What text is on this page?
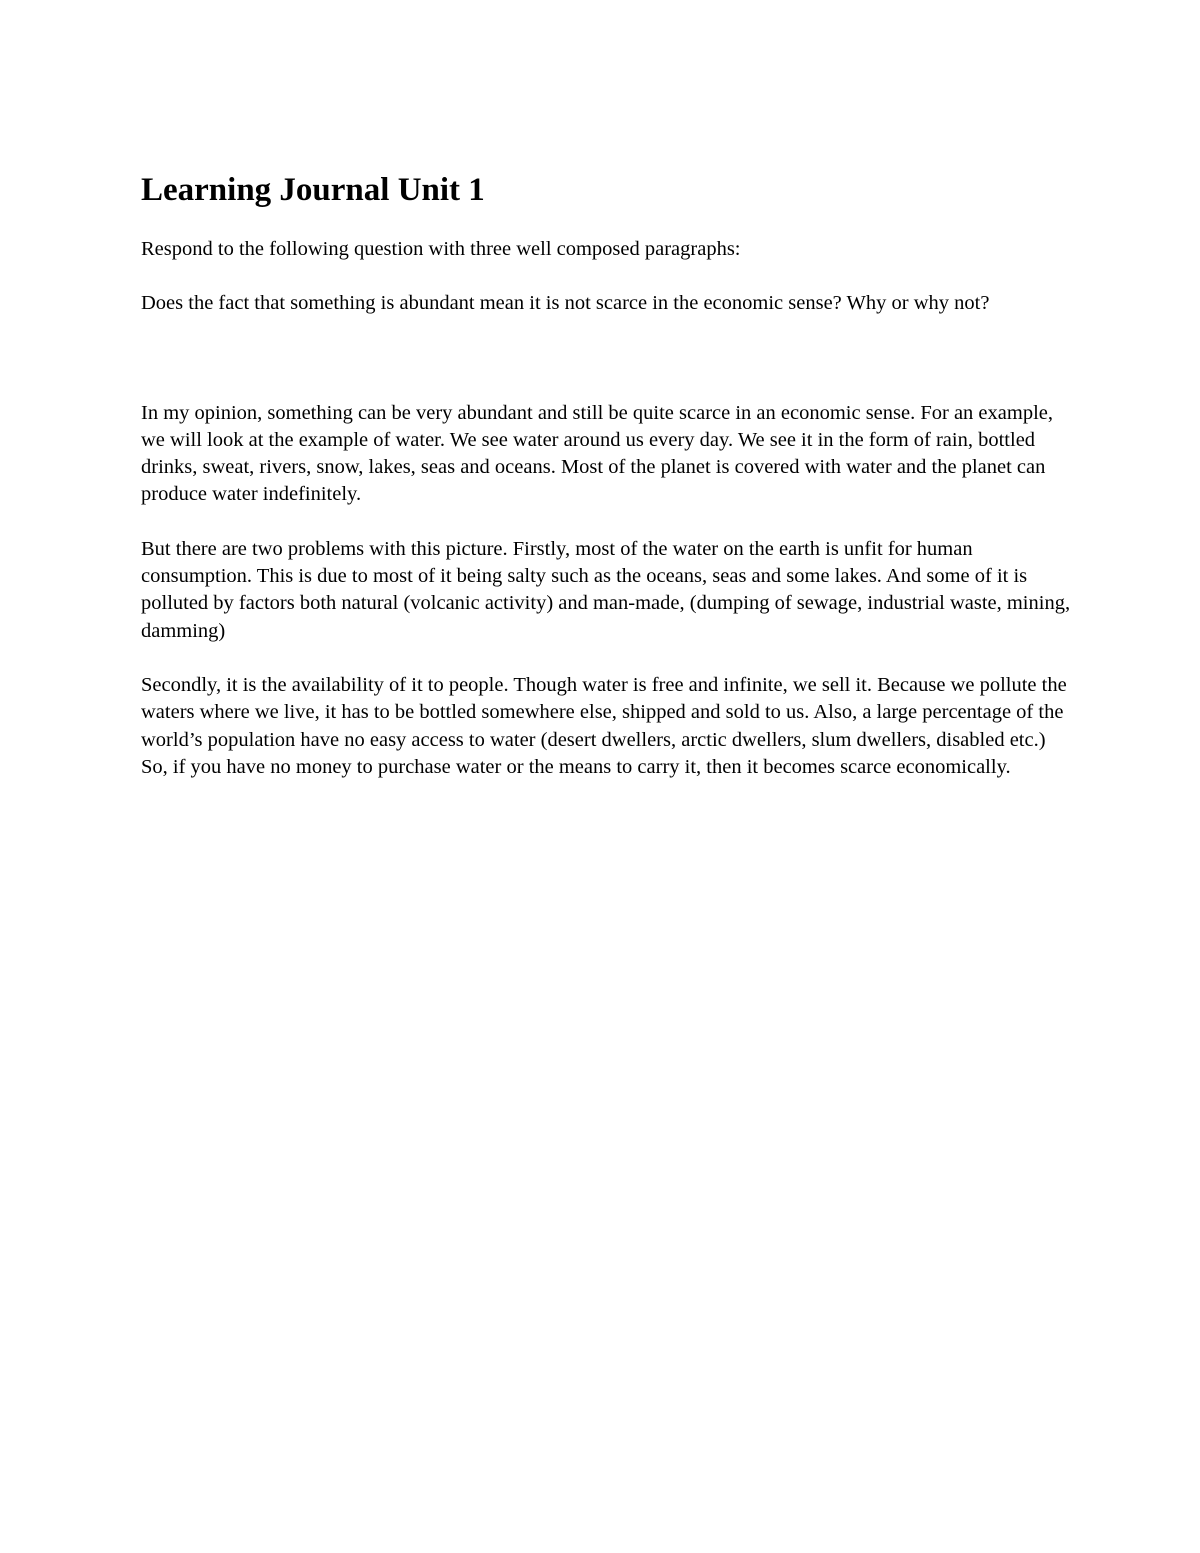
Learning Journal Unit 1

Respond to the following question with three well composed paragraphs:

Does the fact that something is abundant mean it is not scarce in the economic sense? Why or why not?

In my opinion, something can be very abundant and still be quite scarce in an economic sense. For an example, we will look at the example of water. We see water around us every day. We see it in the form of rain, bottled drinks, sweat, rivers, snow, lakes, seas and oceans. Most of the planet is covered with water and the planet can produce water indefinitely.

But there are two problems with this picture. Firstly, most of the water on the earth is unfit for human consumption. This is due to most of it being salty such as the oceans, seas and some lakes. And some of it is polluted by factors both natural (volcanic activity) and man-made, (dumping of sewage, industrial waste, mining, damming)

Secondly, it is the availability of it to people. Though water is free and infinite, we sell it. Because we pollute the waters where we live, it has to be bottled somewhere else, shipped and sold to us. Also, a large percentage of the world’s population have no easy access to water (desert dwellers, arctic dwellers, slum dwellers, disabled etc.) So, if you have no money to purchase water or the means to carry it, then it becomes scarce economically.
